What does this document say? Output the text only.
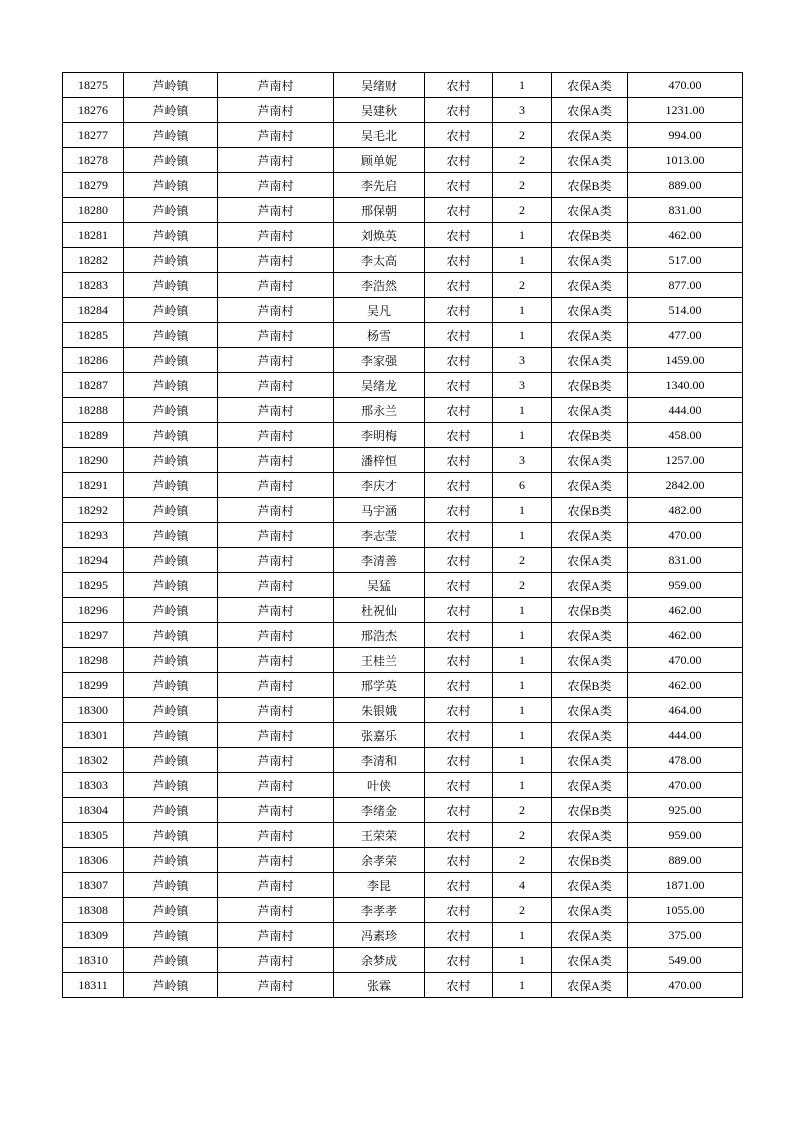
18275	芦岭镇	芦南村	吴绪财	农村	1	农保A类	470.00
18276	芦岭镇	芦南村	吴建秋	农村	3	农保A类	1231.00
18277	芦岭镇	芦南村	吴毛北	农村	2	农保A类	994.00
18278	芦岭镇	芦南村	顾单妮	农村	2	农保A类	1013.00
18279	芦岭镇	芦南村	李先启	农村	2	农保B类	889.00
18280	芦岭镇	芦南村	邢保朝	农村	2	农保A类	831.00
18281	芦岭镇	芦南村	刘焕英	农村	1	农保B类	462.00
18282	芦岭镇	芦南村	李太高	农村	1	农保A类	517.00
18283	芦岭镇	芦南村	李浩然	农村	2	农保A类	877.00
18284	芦岭镇	芦南村	吴凡	农村	1	农保A类	514.00
18285	芦岭镇	芦南村	杨雪	农村	1	农保A类	477.00
18286	芦岭镇	芦南村	李家强	农村	3	农保A类	1459.00
18287	芦岭镇	芦南村	吴绪龙	农村	3	农保B类	1340.00
18288	芦岭镇	芦南村	邢永兰	农村	1	农保A类	444.00
18289	芦岭镇	芦南村	李明梅	农村	1	农保B类	458.00
18290	芦岭镇	芦南村	潘梓恒	农村	3	农保A类	1257.00
18291	芦岭镇	芦南村	李庆才	农村	6	农保A类	2842.00
18292	芦岭镇	芦南村	马宇涵	农村	1	农保B类	482.00
18293	芦岭镇	芦南村	李志莹	农村	1	农保A类	470.00
18294	芦岭镇	芦南村	李清善	农村	2	农保A类	831.00
18295	芦岭镇	芦南村	吴猛	农村	2	农保A类	959.00
18296	芦岭镇	芦南村	杜祝仙	农村	1	农保B类	462.00
18297	芦岭镇	芦南村	邢浩杰	农村	1	农保A类	462.00
18298	芦岭镇	芦南村	王桂兰	农村	1	农保A类	470.00
18299	芦岭镇	芦南村	邢学英	农村	1	农保B类	462.00
18300	芦岭镇	芦南村	朱银娥	农村	1	农保A类	464.00
18301	芦岭镇	芦南村	张嘉乐	农村	1	农保A类	444.00
18302	芦岭镇	芦南村	李清和	农村	1	农保A类	478.00
18303	芦岭镇	芦南村	叶侠	农村	1	农保A类	470.00
18304	芦岭镇	芦南村	李绪金	农村	2	农保B类	925.00
18305	芦岭镇	芦南村	王荣荣	农村	2	农保A类	959.00
18306	芦岭镇	芦南村	余孝荣	农村	2	农保B类	889.00
18307	芦岭镇	芦南村	李昆	农村	4	农保A类	1871.00
18308	芦岭镇	芦南村	李孝孝	农村	2	农保A类	1055.00
18309	芦岭镇	芦南村	冯素珍	农村	1	农保A类	375.00
18310	芦岭镇	芦南村	余梦成	农村	1	农保A类	549.00
18311	芦岭镇	芦南村	张霖	农村	1	农保A类	470.00
